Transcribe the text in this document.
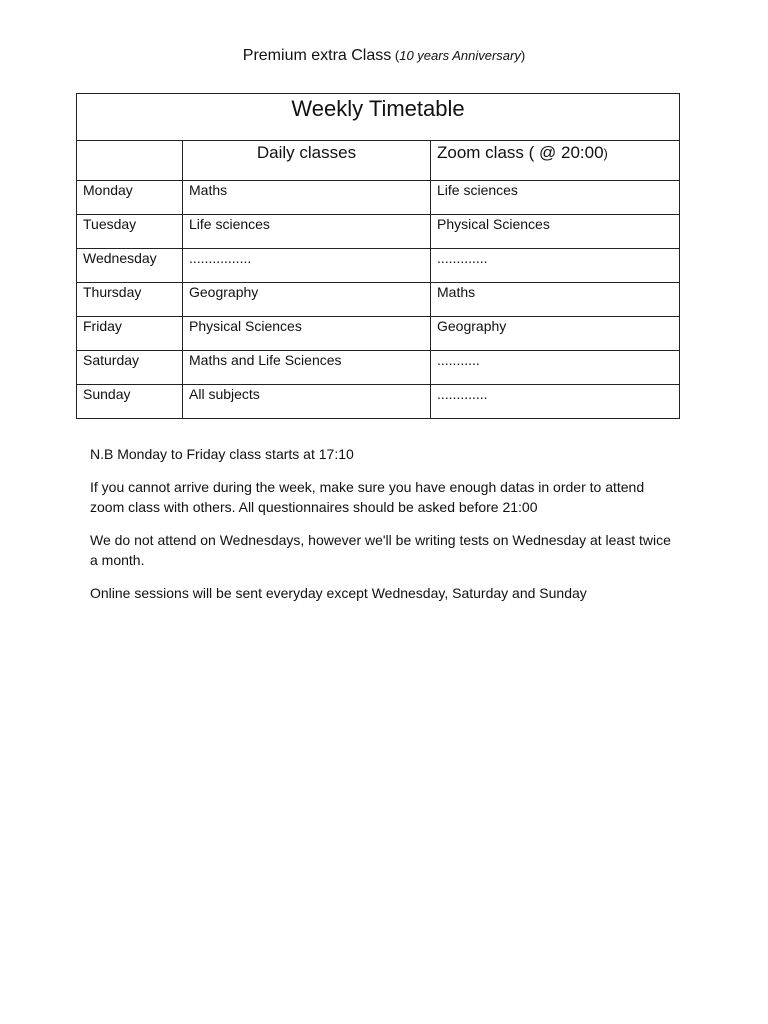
Premium extra Class (10 years Anniversary)
Weekly Timetable		
	Daily classes	Zoom class ( @ 20:00)
Monday	Maths	Life sciences
Tuesday	Life sciences	Physical Sciences
Wednesday	................	.............
Thursday	Geography	Maths
Friday	Physical Sciences	Geography
Saturday	Maths and Life Sciences	...........
Sunday	All subjects	.............

N.B Monday to Friday class starts at 17:10

If you cannot arrive during the week, make sure you have enough datas in order to attend zoom class with others. All questionnaires should be asked before 21:00

We do not attend on Wednesdays, however we'll be writing tests on Wednesday at least twice a month.

Online sessions will be sent everyday except Wednesday, Saturday and Sunday
